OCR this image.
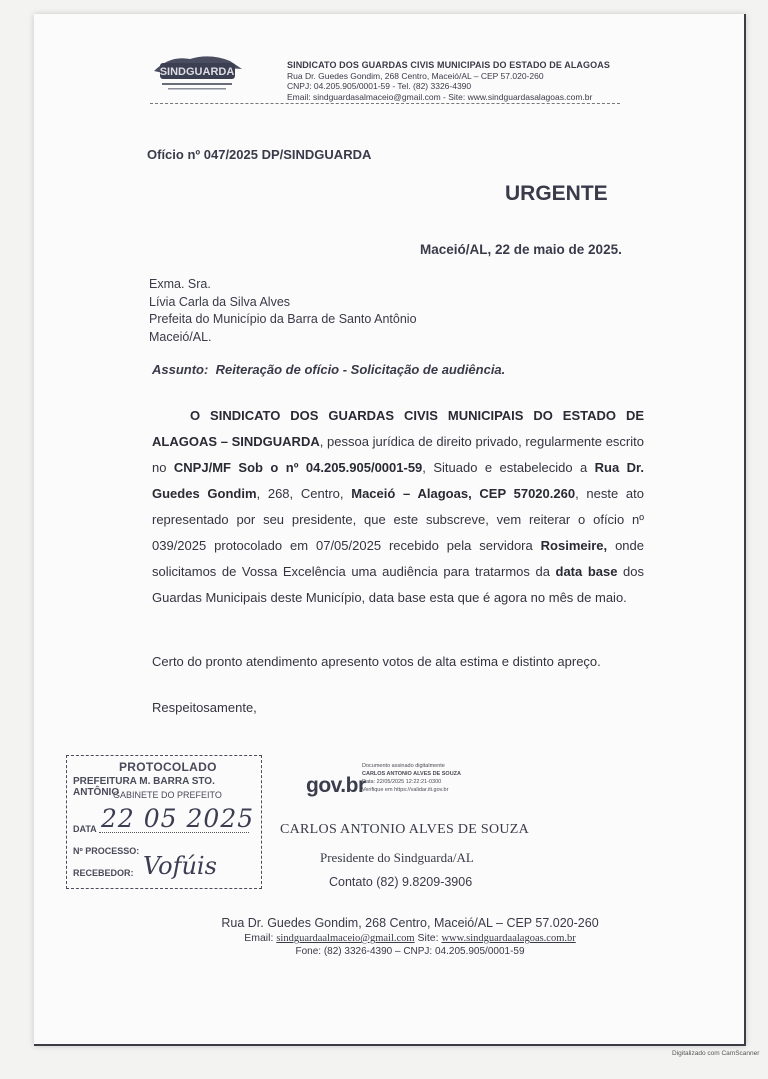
SINDGUARDA
SINDICATO DOS GUARDAS CIVIS MUNICIPAIS DO ESTADO DE ALAGOAS
Rua Dr. Guedes Gondim, 268 Centro, Maceió/AL – CEP 57.020-260
CNPJ: 04.205.905/0001-59 - Tel. (82) 3326-4390
Email: sindguardasalmaceio@gmail.com - Site: www.sindguardasalagoas.com.br
Ofício nº 047/2025 DP/SINDGUARDA
URGENTE
Maceió/AL, 22 de maio de 2025.
Exma. Sra.
Lívia Carla da Silva Alves
Prefeita do Município da Barra de Santo Antônio
Maceió/AL.
Assunto: Reiteração de ofício - Solicitação de audiência.
O SINDICATO DOS GUARDAS CIVIS MUNICIPAIS DO ESTADO DE ALAGOAS – SINDGUARDA, pessoa jurídica de direito privado, regularmente escrito no CNPJ/MF Sob o nº 04.205.905/0001-59, Situado e estabelecido a Rua Dr. Guedes Gondim, 268, Centro, Maceió – Alagoas, CEP 57020.260, neste ato representado por seu presidente, que este subscreve, vem reiterar o ofício nº 039/2025 protocolado em 07/05/2025 recebido pela servidora Rosimeire, onde solicitamos de Vossa Excelência uma audiência para tratarmos da data base dos Guardas Municipais deste Município, data base esta que é agora no mês de maio.
Certo do pronto atendimento apresento votos de alta estima e distinto apreço.
Respeitosamente,
PROTOCOLADO
PREFEITURA M. BARRA STO. ANTÔNIO
GABINETE DO PREFEITO
DATA 22 05 2025
Nº PROCESSO:
RECEBEDOR: Vofúis
gov.br
Documento assinado digitalmente
CARLOS ANTONIO ALVES DE SOUZA
Data: 22/05/2025 12:22:21-0300
Verifique em https://validar.iti.gov.br
CARLOS ANTONIO ALVES DE SOUZA
Presidente do Sindguarda/AL
Contato (82) 9.8209-3906
Rua Dr. Guedes Gondim, 268 Centro, Maceió/AL – CEP 57.020-260
Email: sindguardaalmaceio@gmail.com Site: www.sindguardaalagoas.com.br
Fone: (82) 3326-4390 – CNPJ: 04.205.905/0001-59
Digitalizado com CamScanner
